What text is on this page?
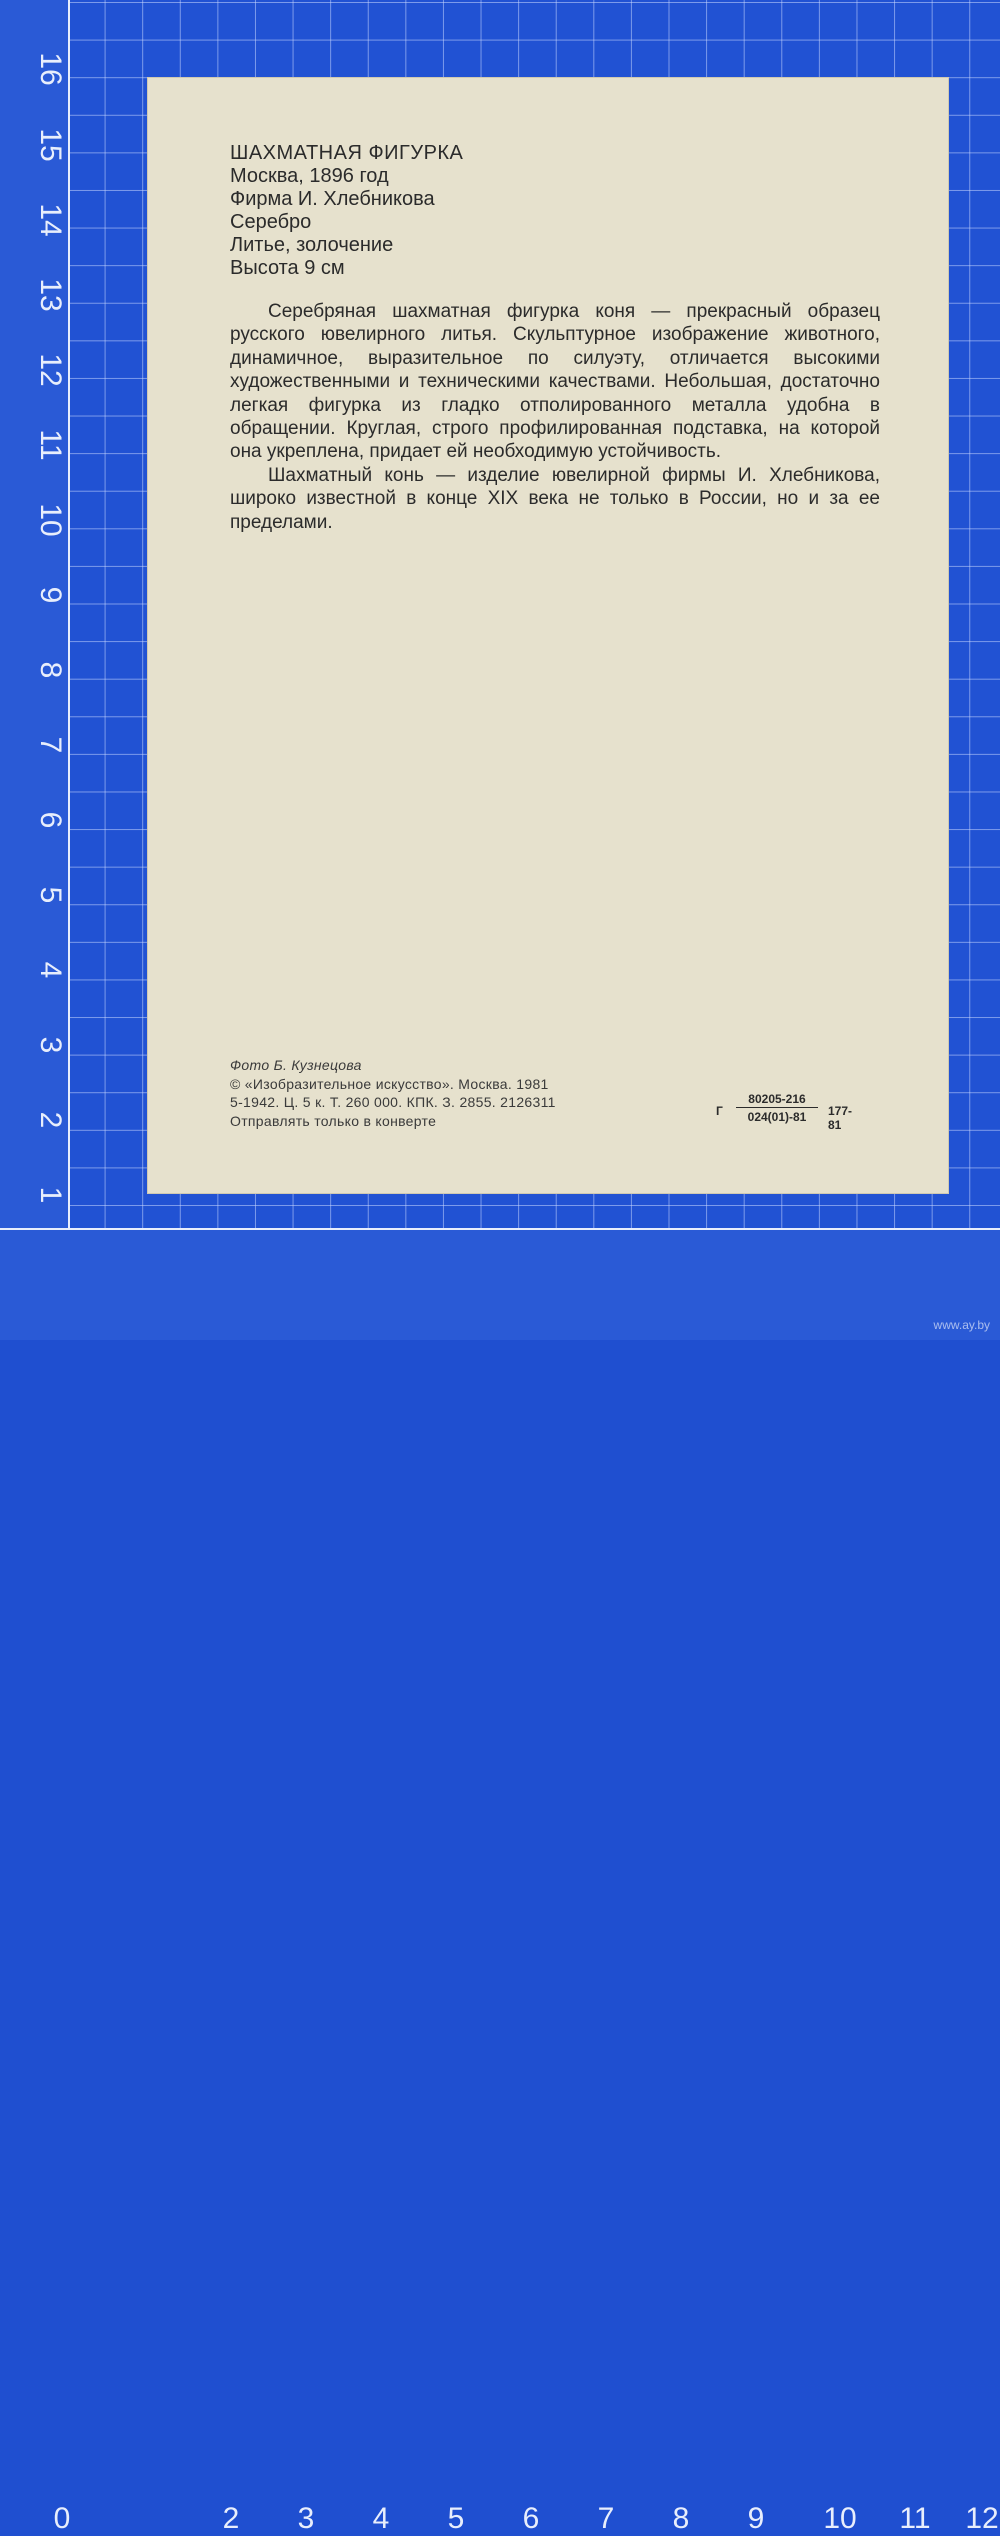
16
15
14
13
12
11
10
9
8
7
6
5
4
3
2
1
0	2	3	4	5	6	7	8	9	10 11 12
ШАХМАТНАЯ ФИГУРКА
Москва, 1896 год
Фирма И. Хлебникова
Серебро
Литье, золочение
Высота 9 см

Серебряная шахматная фигурка коня — прекрасный образец русского ювелирного литья. Скульптурное изображение животного, динамичное, выразительное по силуэту, отличается высокими художественными и техническими качествами. Небольшая, достаточно легкая фигурка из гладко отполированного металла удобна в обращении. Круглая, строго профилированная подставка, на которой она укреплена, придает ей необходимую устойчивость.

Шахматный конь — изделие ювелирной фирмы И. Хлебникова, широко известной в конце XIX века не только в России, но и за ее пределами.

Фото Б. Кузнецова
© «Изобразительное искусство». Москва. 1981
5-1942. Ц. 5 к. Т. 260 000. КПК. З. 2855. 2126311
Отправлять только в конверте
Г $\frac{80205-216}{024(01)-81} 177-81$
www.ay.by
